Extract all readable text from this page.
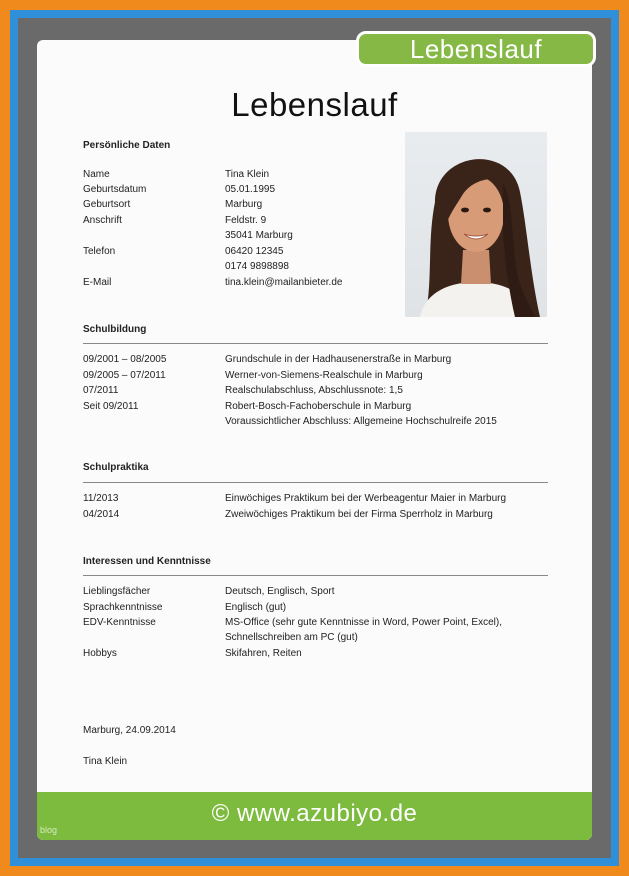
Lebenslauf
Persönliche Daten
Name	Tina Klein
Geburtsdatum	05.01.1995
Geburtsort	Marburg
Anschrift	Feldstr. 9
35041 Marburg
Telefon	06420 12345
0174 9898898
E-Mail	tina.klein@mailanbieter.de
Schulbildung
09/2001 – 08/2005	Grundschule in der Hadhausenerstraße in Marburg
09/2005 – 07/2011	Werner-von-Siemens-Realschule in Marburg
07/2011	Realschulabschluss, Abschlussnote: 1,5
Seit 09/2011	Robert-Bosch-Fachoberschule in Marburg
Voraussichtlicher Abschluss: Allgemeine Hochschulreife 2015
Schulpraktika
11/2013	Einwöchiges Praktikum bei der Werbeagentur Maier in Marburg
04/2014	Zweiwöchiges Praktikum bei der Firma Sperrholz in Marburg
Interessen und Kenntnisse
Lieblingsfächer	Deutsch, Englisch, Sport
Sprachkenntnisse	Englisch (gut)
EDV-Kenntnisse	MS-Office (sehr gute Kenntnisse in Word, Power Point, Excel),
Schnellschreiben am PC (gut)
Hobbys	Skifahren, Reiten
Marburg, 24.09.2014
Tina Klein
© www.azubiyo.de
blog
Lebenslauf
